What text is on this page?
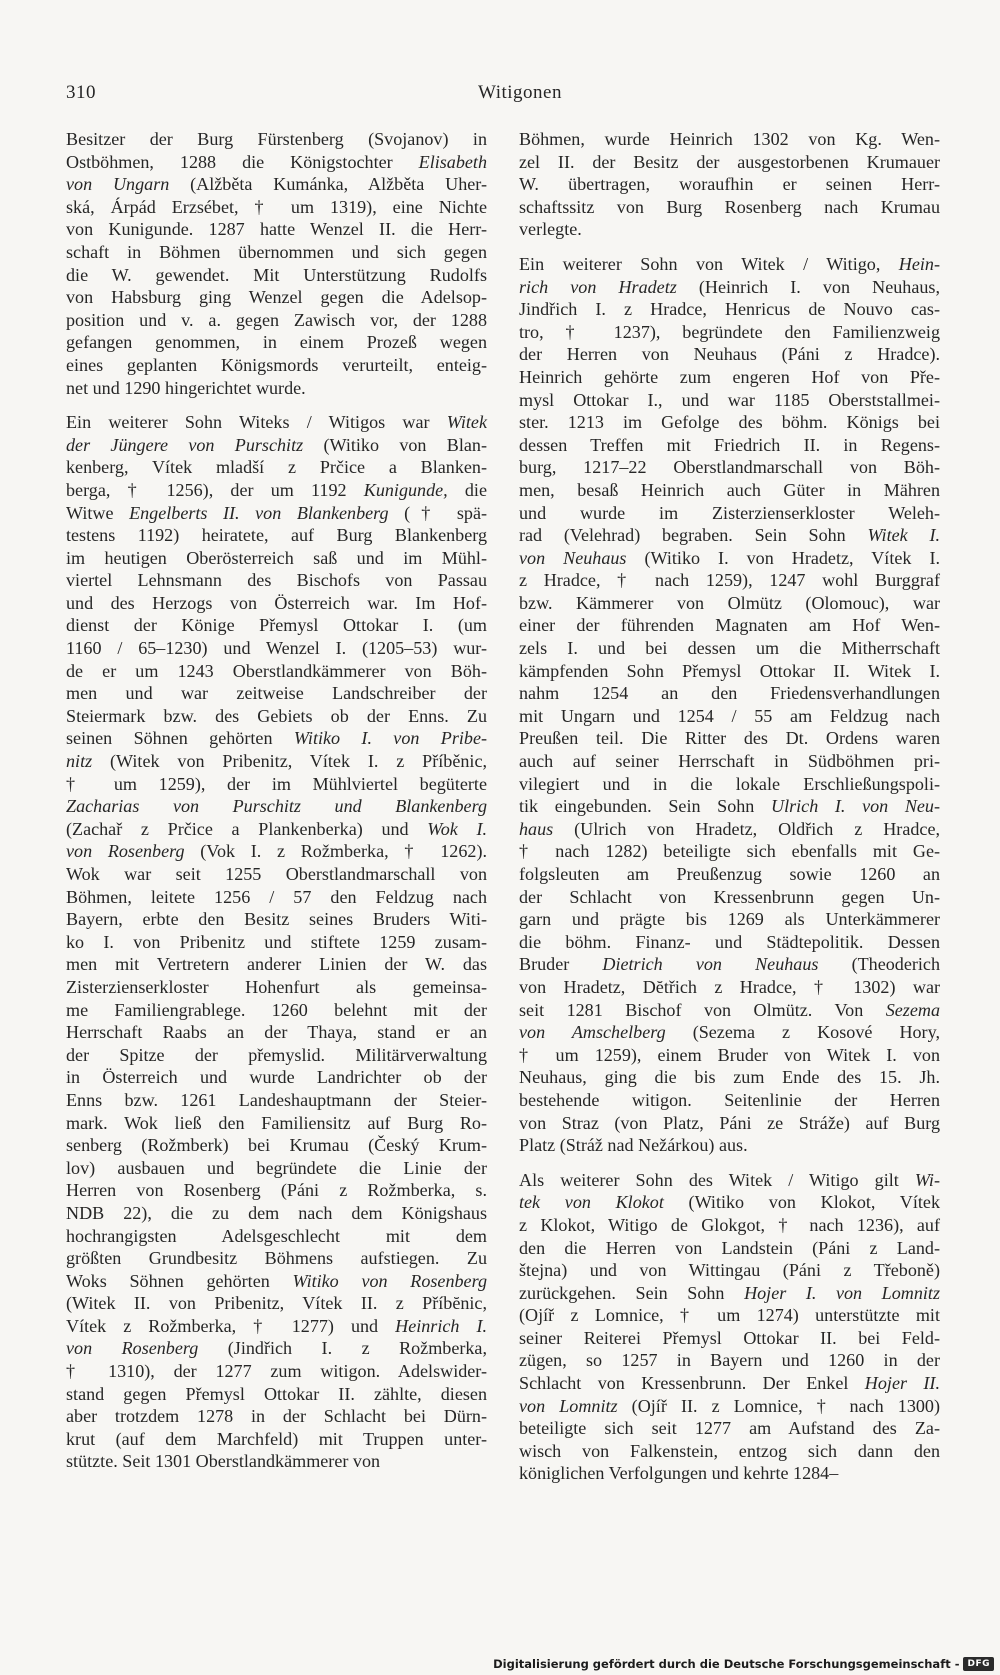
310	Witigonen

Besitzer der Burg Fürstenberg (Svojanov) in
Ostböhmen, 1288 die Königstochter Elisabeth
von Ungarn (Alžběta Kumánka, Alžběta Uher-
ská, Árpád Erzsébet, † um 1319), eine Nichte
von Kunigunde. 1287 hatte Wenzel II. die Herr-
schaft in Böhmen übernommen und sich gegen
die W. gewendet. Mit Unterstützung Rudolfs
von Habsburg ging Wenzel gegen die Adelsop-
position und v. a. gegen Zawisch vor, der 1288
gefangen genommen, in einem Prozeß wegen
eines geplanten Königsmords verurteilt, enteig-
net und 1290 hingerichtet wurde.

Ein weiterer Sohn Witeks / Witigos war Witek
der Jüngere von Purschitz (Witiko von Blan-
kenberg, Vítek mladší z Prčice a Blanken-
berga, † 1256), der um 1192 Kunigunde, die
Witwe Engelberts II. von Blankenberg († spä-
testens 1192) heiratete, auf Burg Blankenberg
im heutigen Oberösterreich saß und im Mühl-
viertel Lehnsmann des Bischofs von Passau
und des Herzogs von Österreich war. Im Hof-
dienst der Könige Přemysl Ottokar I. (um
1160 / 65–1230) und Wenzel I. (1205–53) wur-
de er um 1243 Oberstlandkämmerer von Böh-
men und war zeitweise Landschreiber der
Steiermark bzw. des Gebiets ob der Enns. Zu
seinen Söhnen gehörten Witiko I. von Pribe-
nitz (Witek von Pribenitz, Vítek I. z Příběnic,
† um 1259), der im Mühlviertel begüterte
Zacharias von Purschitz und Blankenberg
(Zachař z Prčice a Plankenberka) und Wok I.
von Rosenberg (Vok I. z Rožmberka, † 1262).
Wok war seit 1255 Oberstlandmarschall von
Böhmen, leitete 1256 / 57 den Feldzug nach
Bayern, erbte den Besitz seines Bruders Witi-
ko I. von Pribenitz und stiftete 1259 zusam-
men mit Vertretern anderer Linien der W. das
Zisterzienserkloster Hohenfurt als gemeinsa-
me Familiengrablege. 1260 belehnt mit der
Herrschaft Raabs an der Thaya, stand er an
der Spitze der přemyslid. Militärverwaltung
in Österreich und wurde Landrichter ob der
Enns bzw. 1261 Landeshauptmann der Steier-
mark. Wok ließ den Familiensitz auf Burg Ro-
senberg (Rožmberk) bei Krumau (Český Krum-
lov) ausbauen und begründete die Linie der
Herren von Rosenberg (Páni z Rožmberka, s.
NDB 22), die zu dem nach dem Königshaus
hochrangigsten Adelsgeschlecht mit dem
größten Grundbesitz Böhmens aufstiegen. Zu
Woks Söhnen gehörten Witiko von Rosenberg
(Witek II. von Pribenitz, Vítek II. z Příbĕnic,
Vítek z Rožmberka, † 1277) und Heinrich I.
von Rosenberg (Jindřich I. z Rožmberka,
† 1310), der 1277 zum witigon. Adelswider-
stand gegen Přemysl Ottokar II. zählte, diesen
aber trotzdem 1278 in der Schlacht bei Dürn-
krut (auf dem Marchfeld) mit Truppen unter-
stützte. Seit 1301 Oberstlandkämmerer von

Böhmen, wurde Heinrich 1302 von Kg. Wen-
zel II. der Besitz der ausgestorbenen Krumauer
W. übertragen, woraufhin er seinen Herr-
schaftssitz von Burg Rosenberg nach Krumau
verlegte.

Ein weiterer Sohn von Witek / Witigo, Hein-
rich von Hradetz (Heinrich I. von Neuhaus,
Jindřich I. z Hradce, Henricus de Nouvo cas-
tro, † 1237), begründete den Familienzweig
der Herren von Neuhaus (Páni z Hradce).
Heinrich gehörte zum engeren Hof von Pře-
mysl Ottokar I., und war 1185 Oberststallmei-
ster. 1213 im Gefolge des böhm. Königs bei
dessen Treffen mit Friedrich II. in Regens-
burg, 1217–22 Oberstlandmarschall von Böh-
men, besaß Heinrich auch Güter in Mähren
und wurde im Zisterzienserkloster Weleh-
rad (Velehrad) begraben. Sein Sohn Witek I.
von Neuhaus (Witiko I. von Hradetz, Vítek I.
z Hradce, † nach 1259), 1247 wohl Burggraf
bzw. Kämmerer von Olmütz (Olomouc), war
einer der führenden Magnaten am Hof Wen-
zels I. und bei dessen um die Mitherrschaft
kämpfenden Sohn Přemysl Ottokar II. Witek I.
nahm 1254 an den Friedensverhandlungen
mit Ungarn und 1254 / 55 am Feldzug nach
Preußen teil. Die Ritter des Dt. Ordens waren
auch auf seiner Herrschaft in Südböhmen pri-
vilegiert und in die lokale Erschließungspoli-
tik eingebunden. Sein Sohn Ulrich I. von Neu-
haus (Ulrich von Hradetz, Oldřich z Hradce,
† nach 1282) beteiligte sich ebenfalls mit Ge-
folgsleuten am Preußenzug sowie 1260 an
der Schlacht von Kressenbrunn gegen Un-
garn und prägte bis 1269 als Unterkämmerer
die böhm. Finanz- und Städtepolitik. Dessen
Bruder Dietrich von Neuhaus (Theoderich
von Hradetz, Dĕtřich z Hradce, † 1302) war
seit 1281 Bischof von Olmütz. Von Sezema
von Amschelberg (Sezema z Kosové Hory,
† um 1259), einem Bruder von Witek I. von
Neuhaus, ging die bis zum Ende des 15. Jh.
bestehende witigon. Seitenlinie der Herren
von Straz (von Platz, Páni ze Stráže) auf Burg
Platz (Stráž nad Nežárkou) aus.

Als weiterer Sohn des Witek / Witigo gilt Wi-
tek von Klokot (Witiko von Klokot, Vítek
z Klokot, Witigo de Glokgot, † nach 1236), auf
den die Herren von Landstein (Páni z Land-
štejna) und von Wittingau (Páni z Třeboně)
zurückgehen. Sein Sohn Hojer I. von Lomnitz
(Ojíř z Lomnice, † um 1274) unterstützte mit
seiner Reiterei Přemysl Ottokar II. bei Feld-
zügen, so 1257 in Bayern und 1260 in der
Schlacht von Kressenbrunn. Der Enkel Hojer II.
von Lomnitz (Ojíř II. z Lomnice, † nach 1300)
beteiligte sich seit 1277 am Aufstand des Za-
wisch von Falkenstein, entzog sich dann den
königlichen Verfolgungen und kehrte 1284–

Digitalisierung gefördert durch die Deutsche Forschungsgemeinschaft - DFG
